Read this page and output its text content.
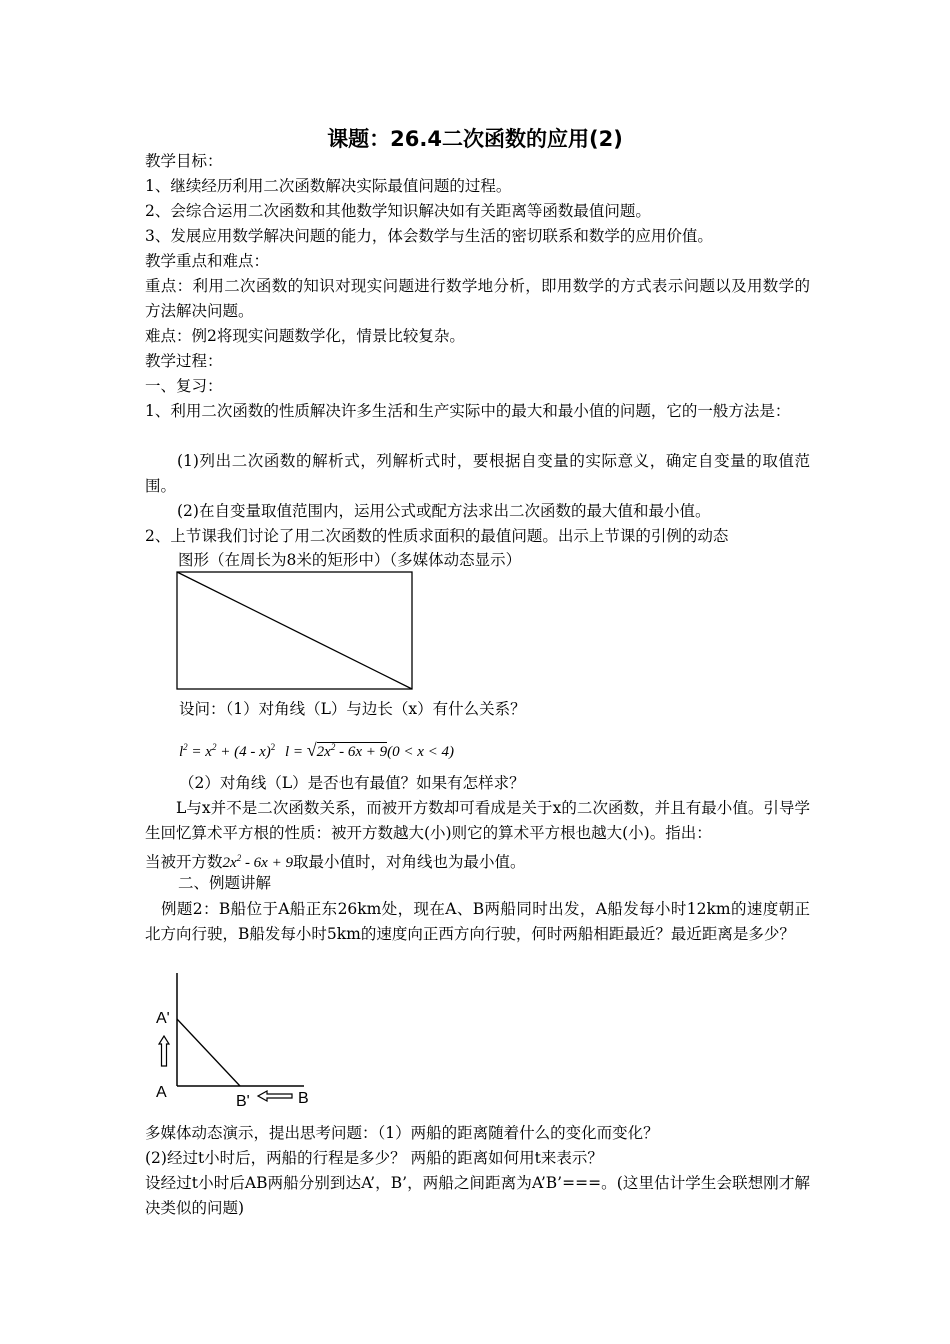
课题：26.4二次函数的应用(2)
教学目标：
1、继续经历利用二次函数解决实际最值问题的过程。
2、会综合运用二次函数和其他数学知识解决如有关距离等函数最值问题。
3、发展应用数学解决问题的能力，体会数学与生活的密切联系和数学的应用价值。
教学重点和难点：
重点：利用二次函数的知识对现实问题进行数学地分析，即用数学的方式表示问题以及用数学的方法解决问题。
难点：例2将现实问题数学化，情景比较复杂。
教学过程：
一、复习：
1、利用二次函数的性质解决许多生活和生产实际中的最大和最小值的问题，它的一般方法是：
(1)列出二次函数的解析式，列解析式时，要根据自变量的实际意义，确定自变量的取值范围。
(2)在自变量取值范围内，运用公式或配方法求出二次函数的最大值和最小值。
2、上节课我们讨论了用二次函数的性质求面积的最值问题。出示上节课的引例的动态
图形（在周长为8米的矩形中）（多媒体动态显示）
设问：（1）对角线（L）与边长（x）有什么关系？
$l^2 = x^2 + (4 - x)^2$ $l = √2x^2 - 6x + 9(0 < x < 4)$
（2）对角线（L）是否也有最值？如果有怎样求？
L与x并不是二次函数关系，而被开方数却可看成是关于x的二次函数，并且有最小值。引导学生回忆算术平方根的性质：被开方数越大(小)则它的算术平方根也越大(小)。指出：
当被开方数$2x^2 - 6x + 9$取最小值时，对角线也为最小值。
二、例题讲解
例题2：B船位于A船正东26km处，现在A、B两船同时出发，A船发每小时12km的速度朝正北方向行驶，B船发每小时5km的速度向正西方向行驶，何时两船相距最近？最近距离是多少？
A'
A
B'	B
多媒体动态演示，提出思考问题：（1）两船的距离随着什么的变化而变化？
(2)经过t小时后，两船的行程是多少？ 两船的距离如何用t来表示？
设经过t小时后AB两船分别到达A’，B’，两船之间距离为A’B’===。(这里估计学生会联想刚才解决类似的问题)
